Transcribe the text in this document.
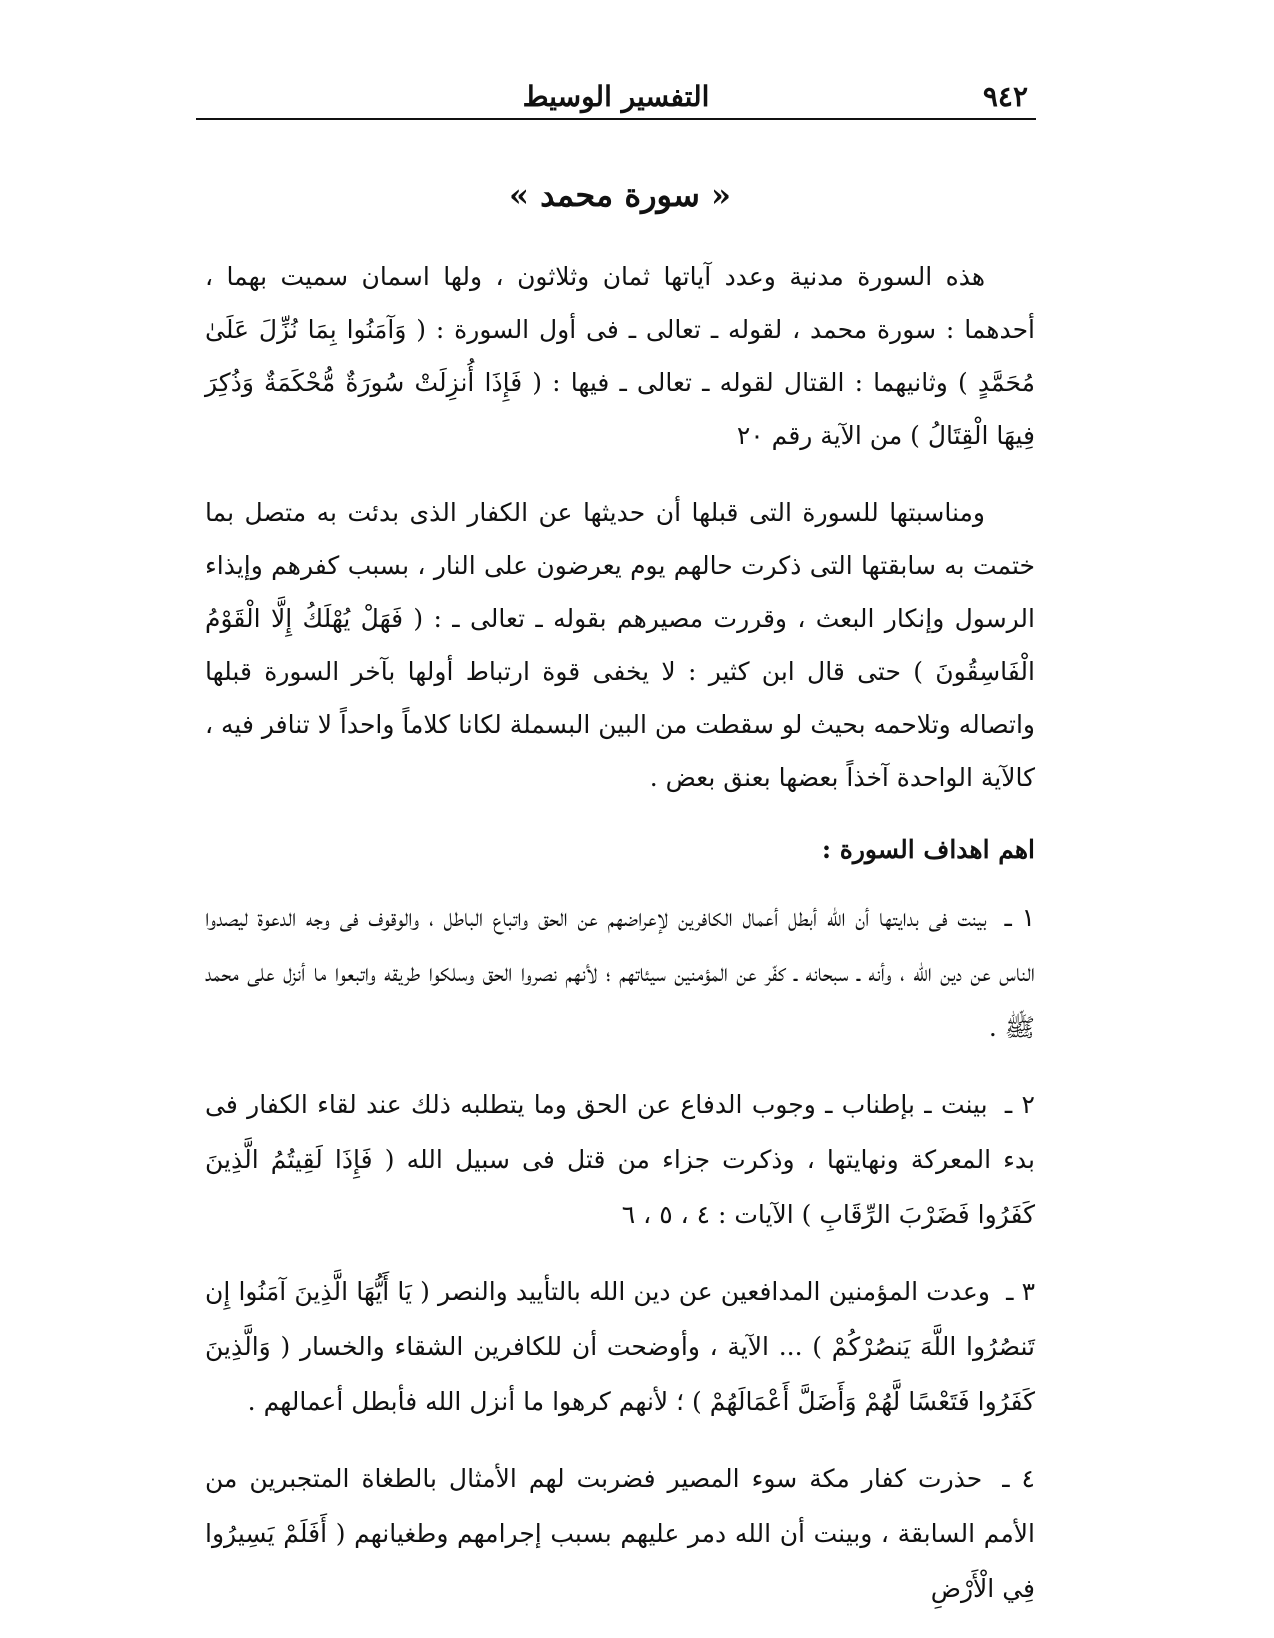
٩٤٢
التفسير الوسيط
« سورة محمد »

هذه السورة مدنية وعدد آياتها ثمان وثلاثون ، ولها اسمان سميت بهما ، أحدهما : سورة محمد ، لقوله ـ تعالى ـ فى أول السورة : ( وَآمَنُوا بِمَا نُزِّلَ عَلَىٰ مُحَمَّدٍ ) وثانيهما : القتال لقوله ـ تعالى ـ فيها : ( فَإِذَا أُنزِلَتْ سُورَةٌ مُّحْكَمَةٌ وَذُكِرَ فِيهَا الْقِتَالُ ) من الآية رقم ٢٠

ومناسبتها للسورة التى قبلها أن حديثها عن الكفار الذى بدئت به متصل بما ختمت به سابقتها التى ذكرت حالهم يوم يعرضون على النار ، بسبب كفرهم وإيذاء الرسول وإنكار البعث ، وقررت مصيرهم بقوله ـ تعالى ـ : ( فَهَلْ يُهْلَكُ إِلَّا الْقَوْمُ الْفَاسِقُونَ ) حتى قال ابن كثير : لا يخفى قوة ارتباط أولها بآخر السورة قبلها واتصاله وتلاحمه بحيث لو سقطت من البين البسملة لكانا كلاماً واحداً لا تنافر فيه ، كالآية الواحدة آخذاً بعضها بعنق بعض .

اهم اهداف السورة :

١ ـ بينت فى بدايتها أن الله أبطل أعمال الكافرين لإعراضهم عن الحق واتباع الباطل ، والوقوف فى وجه الدعوة ليصدوا الناس عن دين الله ، وأنه ـ سبحانه ـ كفّر عن المؤمنين سيئاتهم ؛ لأنهم نصروا الحق وسلكوا طريقه واتبعوا ما أنزل على محمد ﷺ .

٢ ـ بينت ـ بإطناب ـ وجوب الدفاع عن الحق وما يتطلبه ذلك عند لقاء الكفار فى بدء المعركة ونهايتها ، وذكرت جزاء من قتل فى سبيل الله ( فَإِذَا لَقِيتُمُ الَّذِينَ كَفَرُوا فَضَرْبَ الرِّقَابِ ) الآيات : ٤ ، ٥ ، ٦

٣ ـ وعدت المؤمنين المدافعين عن دين الله بالتأييد والنصر ( يَا أَيُّهَا الَّذِينَ آمَنُوا إِن تَنصُرُوا اللَّهَ يَنصُرْكُمْ ) ... الآية ، وأوضحت أن للكافرين الشقاء والخسار ( وَالَّذِينَ كَفَرُوا فَتَعْسًا لَّهُمْ وَأَضَلَّ أَعْمَالَهُمْ ) ؛ لأنهم كرهوا ما أنزل الله فأبطل أعمالهم .

٤ ـ حذرت كفار مكة سوء المصير فضربت لهم الأمثال بالطغاة المتجبرين من الأمم السابقة ، وبينت أن الله دمر عليهم بسبب إجرامهم وطغيانهم ( أَفَلَمْ يَسِيرُوا فِي الْأَرْضِ
